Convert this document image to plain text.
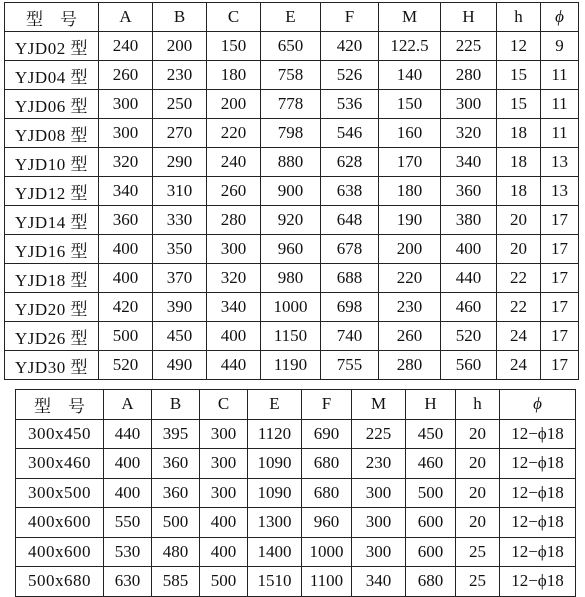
型　号	A	B	C	E	F	M	H	h	ϕ
YJD02 型	240	200	150	650	420	122.5	225	12	9
YJD04 型	260	230	180	758	526	140	280	15	11
YJD06 型	300	250	200	778	536	150	300	15	11
YJD08 型	300	270	220	798	546	160	320	18	11
YJD10 型	320	290	240	880	628	170	340	18	13
YJD12 型	340	310	260	900	638	180	360	18	13
YJD14 型	360	330	280	920	648	190	380	20	17
YJD16 型	400	350	300	960	678	200	400	20	17
YJD18 型	400	370	320	980	688	220	440	22	17
YJD20 型	420	390	340	1000	698	230	460	22	17
YJD26 型	500	450	400	1150	740	260	520	24	17
YJD30 型	520	490	440	1190	755	280	560	24	17
型　号	A	B	C	E	F	M	H	h	ϕ
300x450	440	395	300	1120	690	225	450	20	12−ϕ18
300x460	400	360	300	1090	680	230	460	20	12−ϕ18
300x500	400	360	300	1090	680	300	500	20	12−ϕ18
400x600	550	500	400	1300	960	300	600	20	12−ϕ18
400x600	530	480	400	1400	1000	300	600	25	12−ϕ18
500x680	630	585	500	1510	1100	340	680	25	12−ϕ18
